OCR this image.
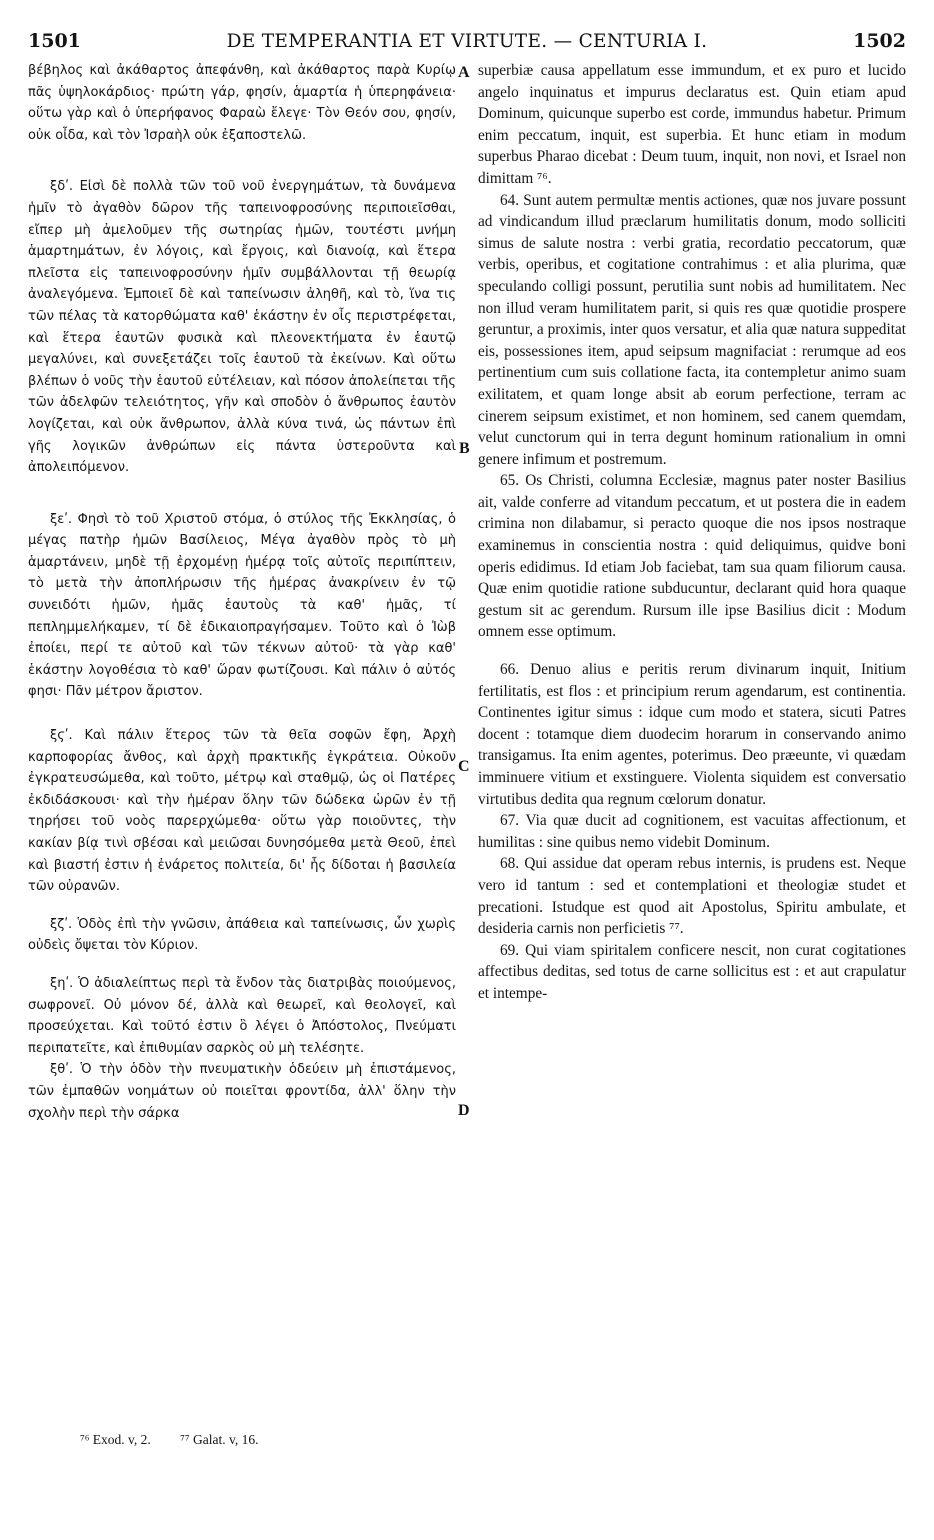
1501	DE TEMPERANTIA ET VIRTUTE. — CENTURIA I.	1502

βέβηλος καὶ ἀκάθαρτος ἀπεφάνθη, καὶ ἀκάθαρτος παρὰ Κυρίῳ πᾶς ὑψηλοκάρδιος· πρώτη γάρ, φησίν, ἁμαρτία ἡ ὑπερηφάνεια· οὕτω γὰρ καὶ ὁ ὑπερήφανος Φαραὼ ἔλεγε· Τὸν Θεόν σου, φησίν, οὐκ οἶδα, καὶ τὸν Ἰσραὴλ οὐκ ἐξαποστελῶ.

ξδʹ. Εἰσὶ δὲ πολλὰ τῶν τοῦ νοῦ ἐνεργημάτων, τὰ δυνάμενα ἡμῖν τὸ ἀγαθὸν δῶρον τῆς ταπεινοφροσύνης περιποιεῖσθαι, εἴπερ μὴ ἀμελοῦμεν τῆς σωτηρίας ἡμῶν, τουτέστι μνήμη ἁμαρτημάτων, ἐν λόγοις, καὶ ἔργοις, καὶ διανοίᾳ, καὶ ἕτερα πλεῖστα εἰς ταπεινοφροσύνην ἡμῖν συμβάλλονται τῇ θεωρίᾳ ἀναλεγόμενα. Ἐμποιεῖ δὲ καὶ ταπείνωσιν ἀληθῆ, καὶ τὸ, ἵνα τις τῶν πέλας τὰ κατορθώματα καθ' ἑκάστην ἐν οἷς περιστρέφεται, καὶ ἕτερα ἑαυτῶν φυσικὰ καὶ πλεονεκτήματα ἐν ἑαυτῷ μεγαλύνει, καὶ συνεξετάζει τοῖς ἑαυτοῦ τὰ ἐκείνων. Καὶ οὕτω βλέπων ὁ νοῦς τὴν ἑαυτοῦ εὐτέλειαν, καὶ πόσον ἀπολείπεται τῆς τῶν ἀδελφῶν τελειότητος, γῆν καὶ σποδὸν ὁ ἄνθρωπος ἑαυτὸν λογίζεται, καὶ οὐκ ἄνθρωπον, ἀλλὰ κύνα τινά, ὡς πάντων ἐπὶ γῆς λογικῶν ἀνθρώπων εἰς πάντα ὑστεροῦντα καὶ ἀπολειπόμενον.

ξεʹ. Φησὶ τὸ τοῦ Χριστοῦ στόμα, ὁ στύλος τῆς Ἐκκλησίας, ὁ μέγας πατὴρ ἡμῶν Βασίλειος, Μέγα ἀγαθὸν πρὸς τὸ μὴ ἁμαρτάνειν, μηδὲ τῇ ἐρχομένῃ ἡμέρᾳ τοῖς αὐτοῖς περιπίπτειν, τὸ μετὰ τὴν ἀποπλήρωσιν τῆς ἡμέρας ἀνακρίνειν ἐν τῷ συνειδότι ἡμῶν, ἡμᾶς ἑαυτοὺς τὰ καθ' ἡμᾶς, τί πεπλημμελήκαμεν, τί δὲ ἐδικαιοπραγήσαμεν. Τοῦτο καὶ ὁ Ἰὼβ ἐποίει, περί τε αὐτοῦ καὶ τῶν τέκνων αὐτοῦ· τὰ γὰρ καθ' ἑκάστην λογοθέσια τὸ καθ' ὥραν φωτίζουσι. Καὶ πάλιν ὁ αὐτός φησι· Πᾶν μέτρον ἄριστον.

ξϛʹ. Καὶ πάλιν ἕτερος τῶν τὰ θεῖα σοφῶν ἔφη, Ἀρχὴ καρποφορίας ἄνθος, καὶ ἀρχὴ πρακτικῆς ἐγκράτεια. Οὐκοῦν ἐγκρατευσώμεθα, καὶ τοῦτο, μέτρῳ καὶ σταθμῷ, ὡς οἱ Πατέρες ἐκδιδάσκουσι· καὶ τὴν ἡμέραν ὅλην τῶν δώδεκα ὡρῶν ἐν τῇ τηρήσει τοῦ νοὸς παρερχώμεθα· οὕτω γὰρ ποιοῦντες, τὴν κακίαν βίᾳ τινὶ σβέσαι καὶ μειῶσαι δυνησόμεθα μετὰ Θεοῦ, ἐπεὶ καὶ βιαστή ἐστιν ἡ ἐνάρετος πολιτεία, δι' ἧς δίδοται ἡ βασιλεία τῶν οὐρανῶν.

ξζʹ. Ὁδὸς ἐπὶ τὴν γνῶσιν, ἀπάθεια καὶ ταπείνωσις, ὧν χωρὶς οὐδεὶς ὄψεται τὸν Κύριον.

ξηʹ. Ὁ ἀδιαλείπτως περὶ τὰ ἔνδον τὰς διατριβὰς ποιούμενος, σωφρονεῖ. Οὐ μόνον δέ, ἀλλὰ καὶ θεωρεῖ, καὶ θεολογεῖ, καὶ προσεύχεται. Καὶ τοῦτό ἐστιν ὃ λέγει ὁ Ἀπόστολος, Πνεύματι περιπατεῖτε, καὶ ἐπιθυμίαν σαρκὸς οὐ μὴ τελέσητε.

ξθʹ. Ὁ τὴν ὁδὸν τὴν πνευματικὴν ὁδεύειν μὴ ἐπιστάμενος, τῶν ἐμπαθῶν νοημάτων οὐ ποιεῖται φροντίδα, ἀλλ' ὅλην τὴν σχολὴν περὶ τὴν σάρκα

A
B
C
D

superbiæ causa appellatum esse immundum, et ex puro et lucido angelo inquinatus et impurus declaratus est. Quin etiam apud Dominum, quicunque superbo est corde, immundus habetur. Primum enim peccatum, inquit, est superbia. Et hunc etiam in modum superbus Pharao dicebat : Deum tuum, inquit, non novi, et Israel non dimittam ⁷⁶.

64. Sunt autem permultæ mentis actiones, quæ nos juvare possunt ad vindicandum illud præclarum humilitatis donum, modo solliciti simus de salute nostra : verbi gratia, recordatio peccatorum, quæ verbis, operibus, et cogitatione contrahimus : et alia plurima, quæ speculando colligi possunt, perutilia sunt nobis ad humilitatem. Nec non illud veram humilitatem parit, si quis res quæ quotidie prospere geruntur, a proximis, inter quos versatur, et alia quæ natura suppeditat eis, possessiones item, apud seipsum magnifaciat : rerumque ad eos pertinentium cum suis collatione facta, ita contempletur animo suam exilitatem, et quam longe absit ab eorum perfectione, terram ac cinerem seipsum existimet, et non hominem, sed canem quemdam, velut cunctorum qui in terra degunt hominum rationalium in omni genere infimum et postremum.

65. Os Christi, columna Ecclesiæ, magnus pater noster Basilius ait, valde conferre ad vitandum peccatum, et ut postera die in eadem crimina non dilabamur, si peracto quoque die nos ipsos nostraque examinemus in conscientia nostra : quid deliquimus, quidve boni operis edidimus. Id etiam Job faciebat, tam sua quam filiorum causa. Quæ enim quotidie ratione subducuntur, declarant quid hora quaque gestum sit ac gerendum. Rursum ille ipse Basilius dicit : Modum omnem esse optimum.

66. Denuo alius e peritis rerum divinarum inquit, Initium fertilitatis, est flos : et principium rerum agendarum, est continentia. Continentes igitur simus : idque cum modo et statera, sicuti Patres docent : totamque diem duodecim horarum in conservando animo transigamus. Ita enim agentes, poterimus. Deo præeunte, vi quædam imminuere vitium et exstinguere. Violenta siquidem est conversatio virtutibus dedita qua regnum cœlorum donatur.

67. Via quæ ducit ad cognitionem, est vacuitas affectionum, et humilitas : sine quibus nemo videbit Dominum.

68. Qui assidue dat operam rebus internis, is prudens est. Neque vero id tantum : sed et contemplationi et theologiæ studet et precationi. Istudque est quod ait Apostolus, Spiritu ambulate, et desideria carnis non perficietis ⁷⁷.

69. Qui viam spiritalem conficere nescit, non curat cogitationes affectibus deditas, sed totus de carne sollicitus est : et aut crapulatur et intempe-

⁷⁶ Exod. v, 2. ⁷⁷ Galat. v, 16.
